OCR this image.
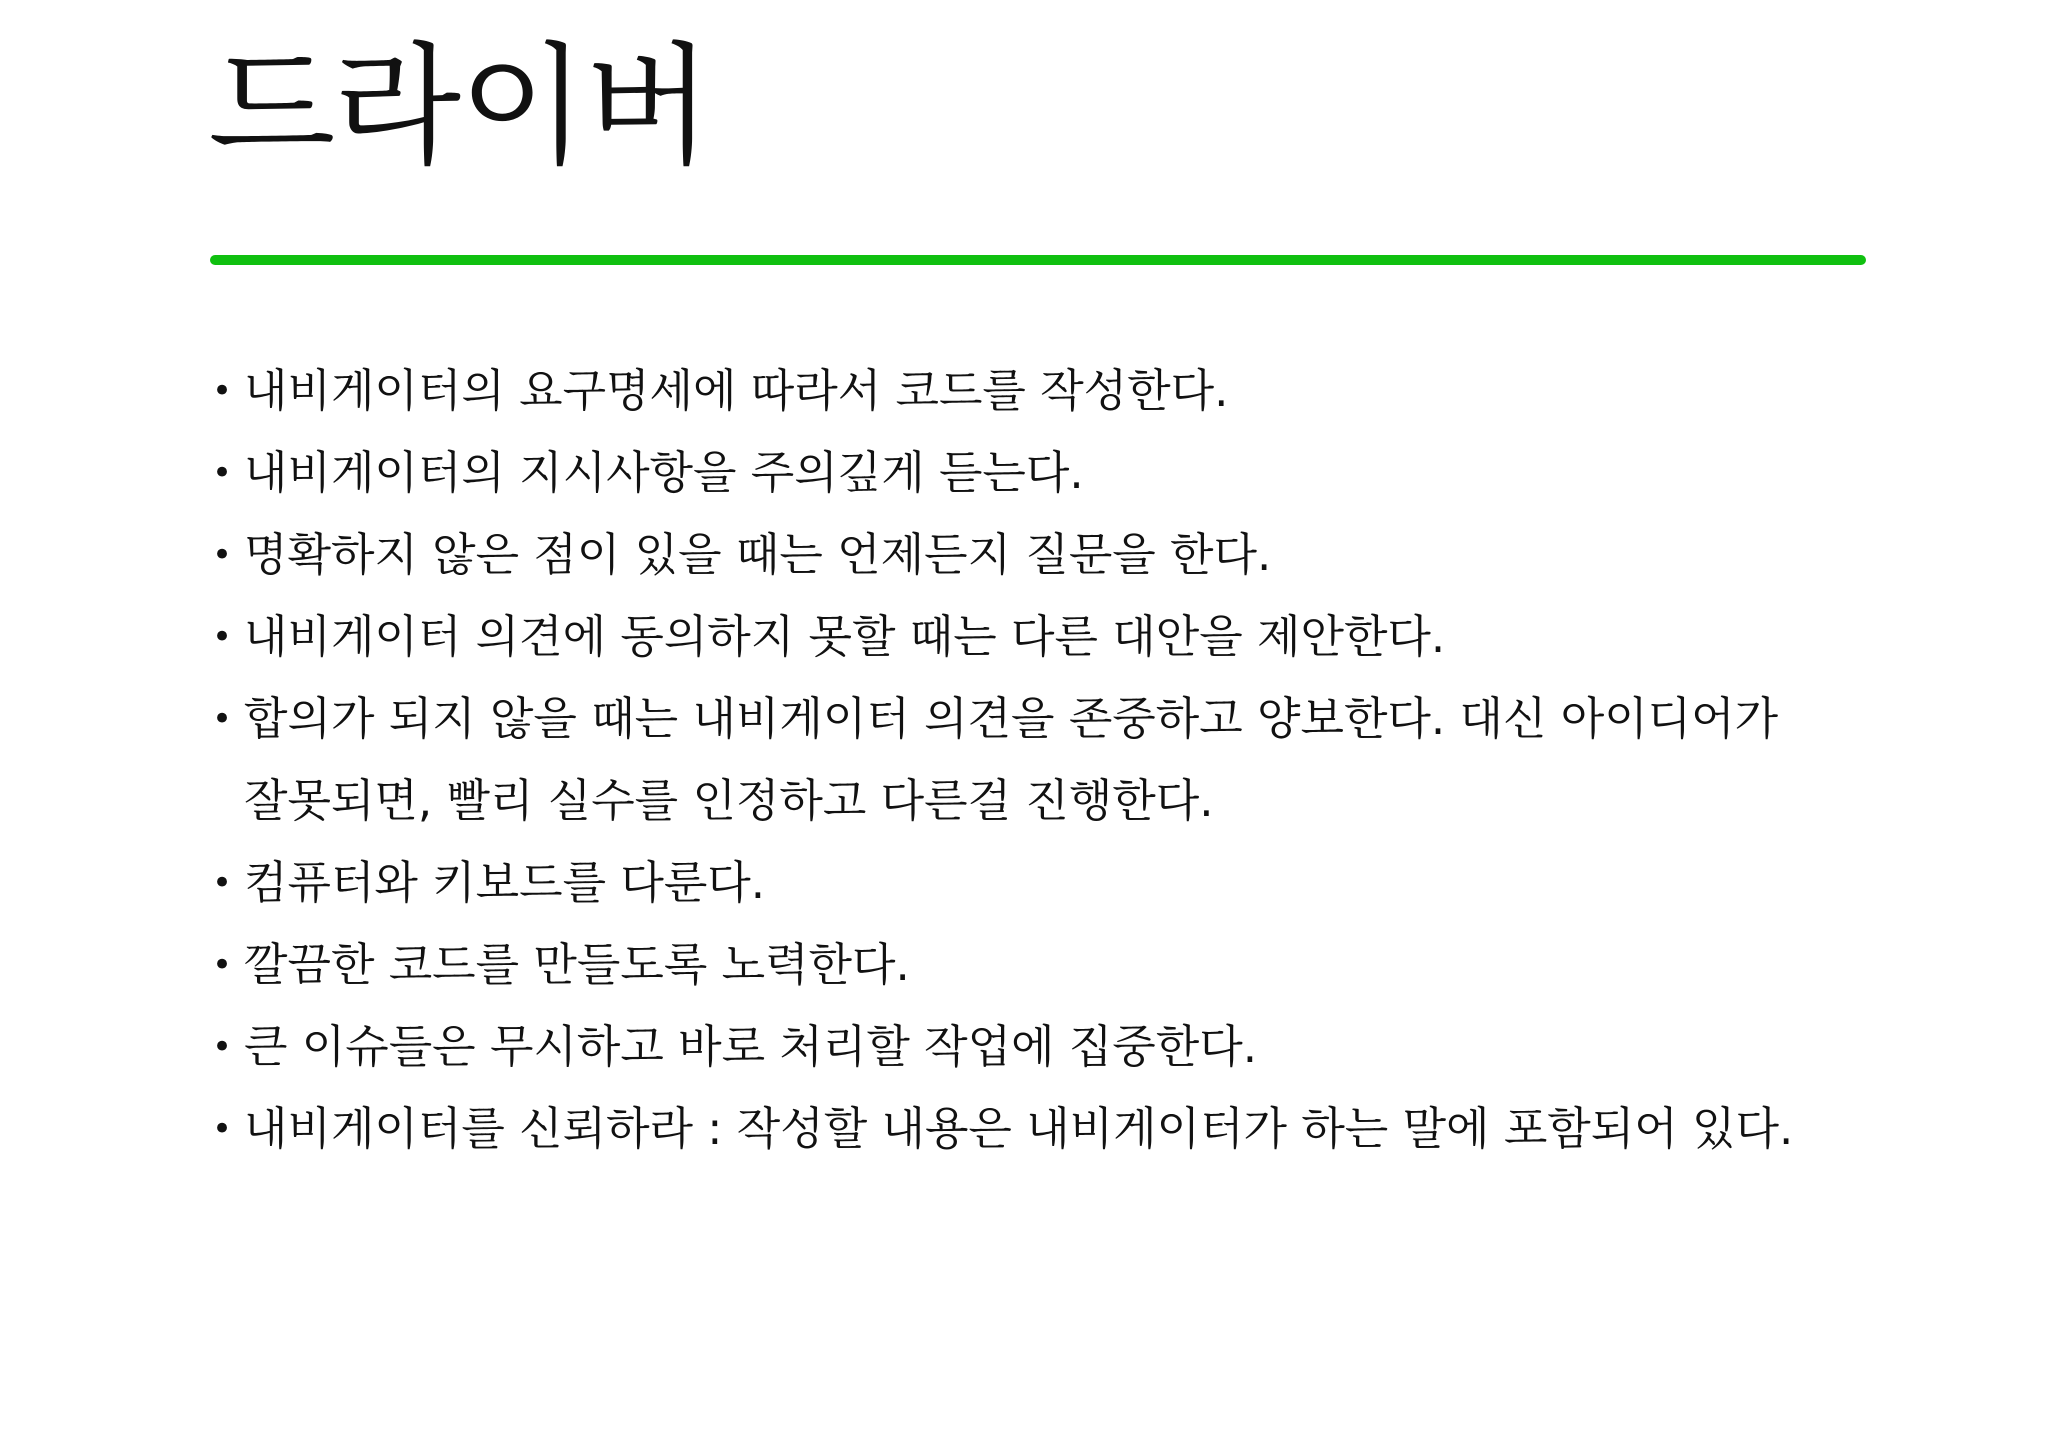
드라이버
• 내비게이터의 요구명세에 따라서 코드를 작성한다.
• 내비게이터의 지시사항을 주의깊게 듣는다.
• 명확하지 않은 점이 있을 때는 언제든지 질문을 한다.
• 내비게이터 의견에 동의하지 못할 때는 다른 대안을 제안한다.
• 합의가 되지 않을 때는 내비게이터 의견을 존중하고 양보한다. 대신 아이디어가
잘못되면, 빨리 실수를 인정하고 다른걸 진행한다.
• 컴퓨터와 키보드를 다룬다.
• 깔끔한 코드를 만들도록 노력한다.
• 큰 이슈들은 무시하고 바로 처리할 작업에 집중한다.
• 내비게이터를 신뢰하라 : 작성할 내용은 내비게이터가 하는 말에 포함되어 있다.
